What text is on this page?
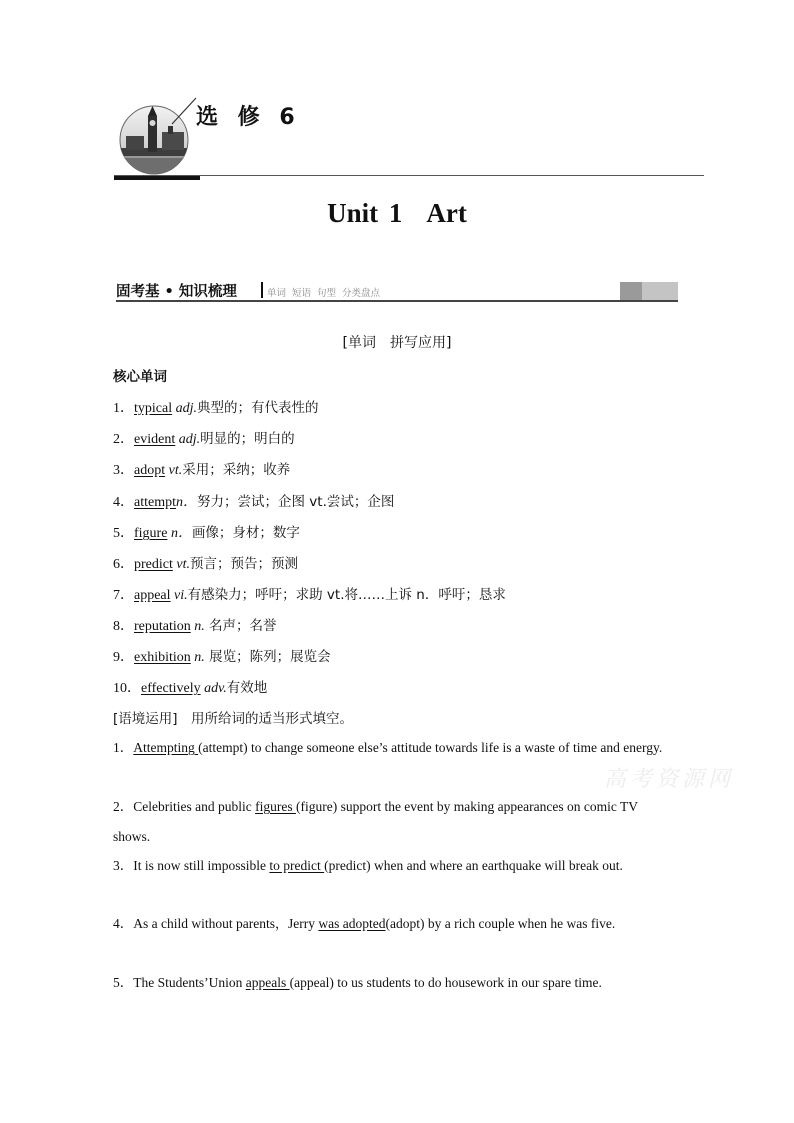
选 修 6
Unit 1 Art
固考基 • 知识梳理	单词 短语 句型 分类盘点
[单词　拼写应用]
核心单词
1．typical adj.典型的；有代表性的
2．evident adj.明显的；明白的
3．adopt vt.采用；采纳；收养
4．attemptn．努力；尝试；企图 vt.尝试；企图
5．figure n．画像；身材；数字
6．predict vt.预言；预告；预测
7．appeal vi.有感染力；呼吁；求助 vt.将……上诉 n．呼吁；恳求
8．reputation n. 名声；名誉
9．exhibition n. 展览；陈列；展览会
10．effectively adv.有效地
[语境运用]　用所给词的适当形式填空。
高考资源网
1．Attempting (attempt) to change someone else’s attitude towards life is a waste of time and energy.
2．Celebrities and public figures (figure) support the event by making appearances on comic TV shows.
3．It is now still impossible to predict (predict) when and where an earthquake will break out.
4．As a child without parents，Jerry was adopted(adopt) by a rich couple when he was five.
5．The Students’Union appeals (appeal) to us students to do housework in our spare time.
